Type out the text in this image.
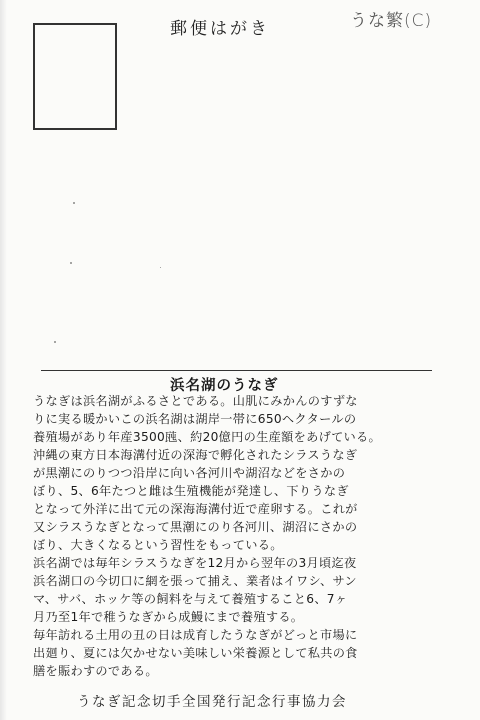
郵便はがき	うな繁(C)
浜名湖のうなぎ
うなぎは浜名湖がふるさとである。山肌にみかんのすずな
りに実る暖かいこの浜名湖は湖岸一帯に650ヘクタールの
養殖場があり年産3500瓲、約20億円の生産額をあげている。
沖縄の東方日本海溝付近の深海で孵化されたシラスうなぎ
が黒潮にのりつつ沿岸に向い各河川や湖沼などをさかの
ぼり、5、6年たつと雌は生殖機能が発達し、下りうなぎ
となって外洋に出て元の深海海溝付近で産卵する。これが
又シラスうなぎとなって黒潮にのり各河川、湖沼にさかの
ぼり、大きくなるという習性をもっている。
浜名湖では毎年シラスうなぎを12月から翌年の3月頃迄夜
浜名湖口の今切口に網を張って捕え、業者はイワシ、サン
マ、サバ、ホッケ等の飼料を与えて養殖すること6、7ヶ
月乃至1年で稚うなぎから成鰻にまで養殖する。
毎年訪れる土用の丑の日は成育したうなぎがどっと市場に
出廻り、夏には欠かせない美味しい栄養源として私共の食
膳を賑わすのである。
うなぎ記念切手全国発行記念行事協力会
